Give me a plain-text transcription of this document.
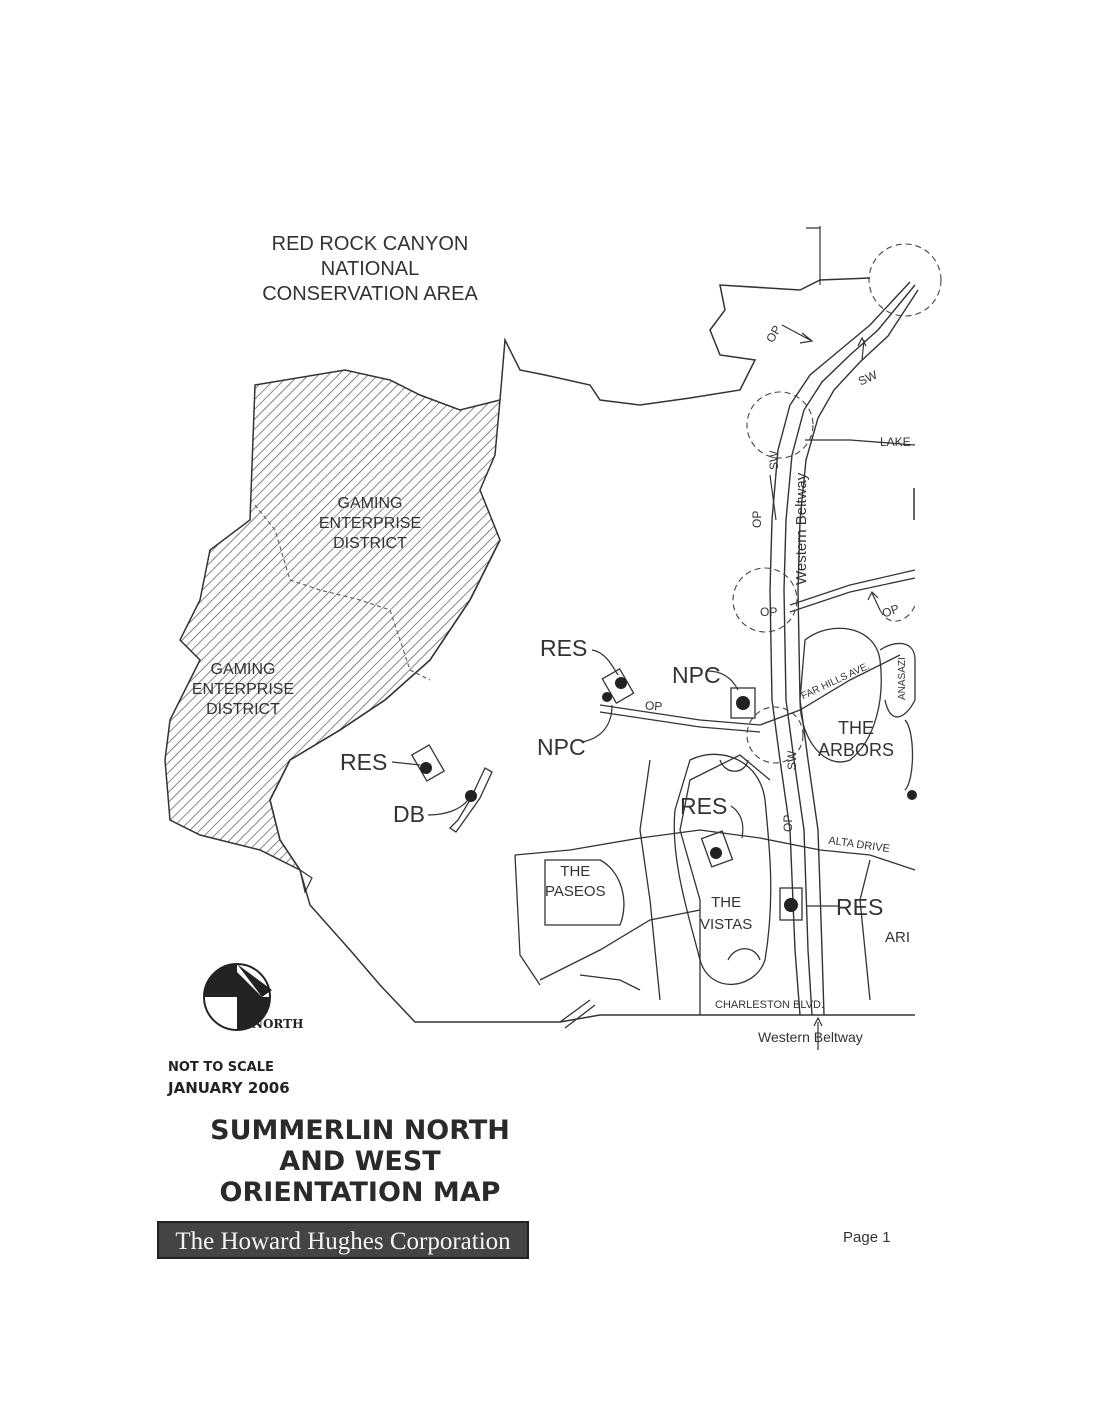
RED ROCK CANYON
NATIONAL
CONSERVATION AREA
GAMING
ENTERPRISE
DISTRICT
GAMING
ENTERPRISE
DISTRICT
RES
NPC
NPC
RES
DB	RES
RES
OP
OP	OP
OP
OP
OP
SW
SW
SW
LAKE
Western Beltway
FAR HILLS AVE.	ANASAZI
THE
ARBORS
THE
PASEOS
THE
VISTAS
ALTA DRIVE
CHARLESTON BLVD.
ARI
NORTH
NOT TO SCALE
JANUARY 2006
Western Beltway
SUMMERLIN NORTH
AND WEST
ORIENTATION MAP
The Howard Hughes Corporation	Page 1
